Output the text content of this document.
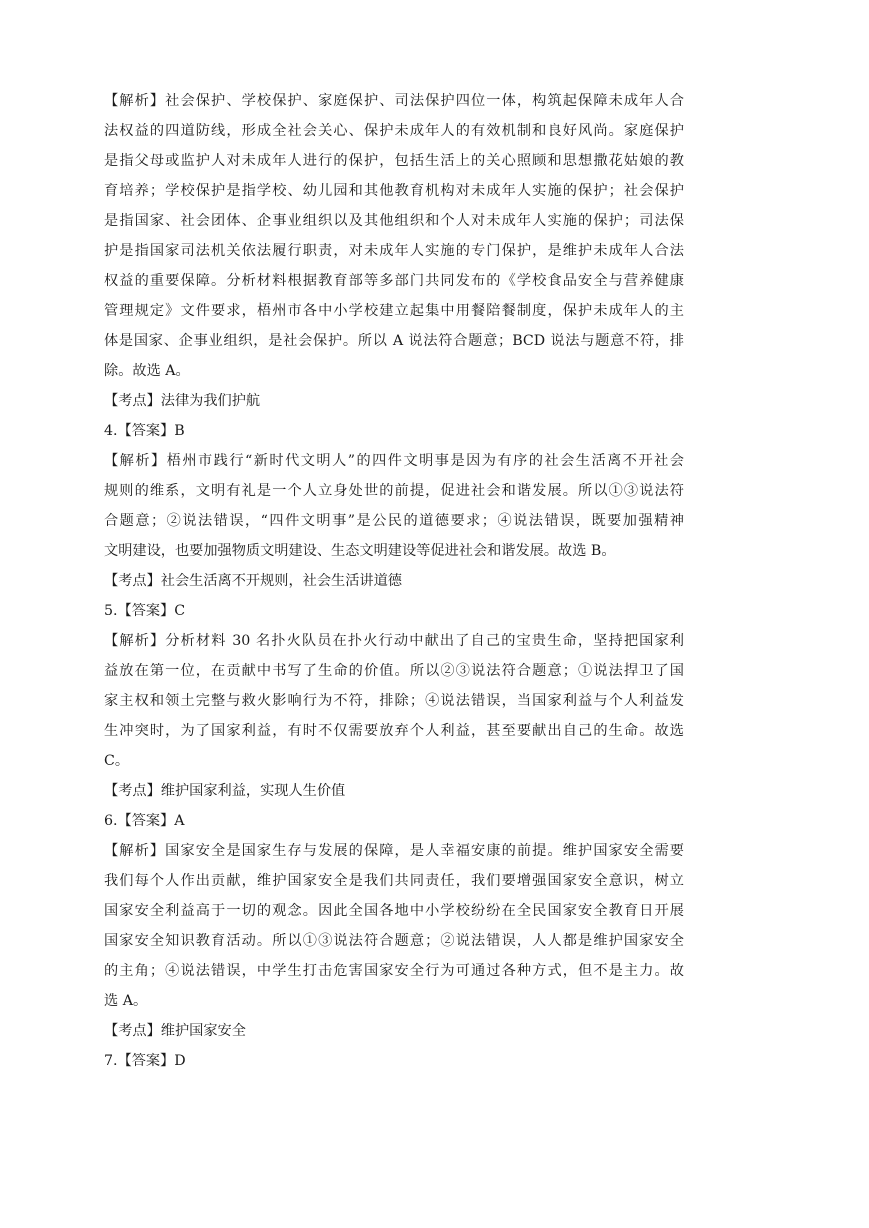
【解析】社会保护、学校保护、家庭保护、司法保护四位一体，构筑起保障未成年人合
法权益的四道防线，形成全社会关心、保护未成年人的有效机制和良好风尚。家庭保护
是指父母或监护人对未成年人进行的保护，包括生活上的关心照顾和思想撒花姑娘的教
育培养；学校保护是指学校、幼儿园和其他教育机构对未成年人实施的保护；社会保护
是指国家、社会团体、企事业组织以及其他组织和个人对未成年人实施的保护；司法保
护是指国家司法机关依法履行职责，对未成年人实施的专门保护，是维护未成年人合法
权益的重要保障。分析材料根据教育部等多部门共同发布的《学校食品安全与营养健康
管理规定》文件要求，梧州市各中小学校建立起集中用餐陪餐制度，保护未成年人的主
体是国家、企事业组织，是社会保护。所以 A 说法符合题意；BCD 说法与题意不符，排
除。故选 A。
【考点】法律为我们护航
4.【答案】B
【解析】梧州市践行“新时代文明人”的四件文明事是因为有序的社会生活离不开社会
规则的维系，文明有礼是一个人立身处世的前提，促进社会和谐发展。所以①③说法符
合题意；②说法错误，“四件文明事”是公民的道德要求；④说法错误，既要加强精神
文明建设，也要加强物质文明建设、生态文明建设等促进社会和谐发展。故选 B。
【考点】社会生活离不开规则，社会生活讲道德
5.【答案】C
【解析】分析材料 30 名扑火队员在扑火行动中献出了自己的宝贵生命，坚持把国家利
益放在第一位，在贡献中书写了生命的价值。所以②③说法符合题意；①说法捍卫了国
家主权和领土完整与救火影响行为不符，排除；④说法错误，当国家利益与个人利益发
生冲突时，为了国家利益，有时不仅需要放弃个人利益，甚至要献出自己的生命。故选
C。
【考点】维护国家利益，实现人生价值
6.【答案】A
【解析】国家安全是国家生存与发展的保障，是人幸福安康的前提。维护国家安全需要
我们每个人作出贡献，维护国家安全是我们共同责任，我们要增强国家安全意识，树立
国家安全利益高于一切的观念。因此全国各地中小学校纷纷在全民国家安全教育日开展
国家安全知识教育活动。所以①③说法符合题意；②说法错误，人人都是维护国家安全
的主角；④说法错误，中学生打击危害国家安全行为可通过各种方式，但不是主力。故
选 A。
【考点】维护国家安全
7.【答案】D
